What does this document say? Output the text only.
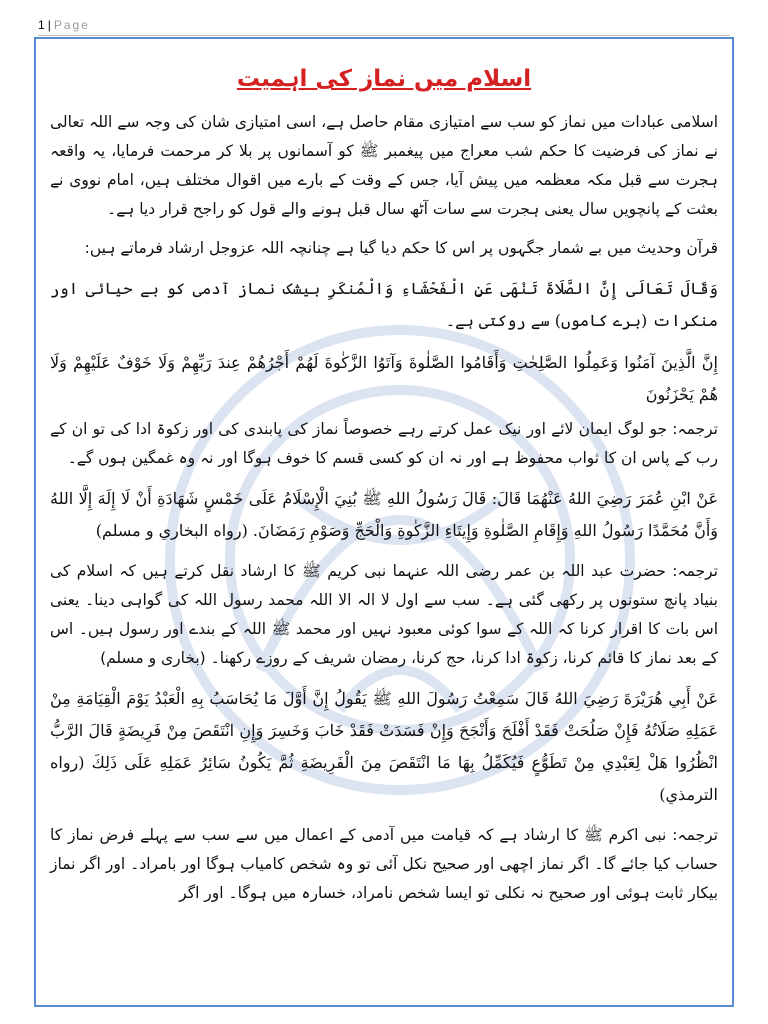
1 | Page
اسلام میں نماز کی اہمیت

اسلامی عبادات میں نماز کو سب سے امتیازی مقام حاصل ہے، اسی امتیازی شان کی وجہ سے اللہ تعالی نے نماز کی فرضیت کا حکم شب معراج میں پیغمبر ﷺ کو آسمانوں پر بلا کر مرحمت فرمایا، یہ واقعہ ہجرت سے قبل مکہ معظمہ میں پیش آیا، جس کے وقت کے بارے میں اقوال مختلف ہیں، امام نووی نے بعثت کے پانچویں سال یعنی ہجرت سے سات آٹھ سال قبل ہونے والے قول کو راجح قرار دیا ہے۔

قرآن وحدیث میں بے شمار جگہوں پر اس کا حکم دیا گیا ہے چنانچہ اللہ عزوجل ارشاد فرماتے ہیں:

وَقَالَ تَعَالَى إِنَّ الصَّلَاةَ تَنْهَى عَنِ الْفَحْشَاءِ وَالْمُنكَرِ بیشک نماز آدمی کو بے حیائی اور منکرات (برے کاموں) سے روکتی ہے۔

إِنَّ الَّذِينَ آمَنُوا وَعَمِلُوا الصَّلِحٰتِ وَأَقَامُوا الصَّلٰوةَ وَآتَوُا الزَّكٰوةَ لَهُمْ أَجْرُهُمْ عِندَ رَبِّهِمْ وَلَا خَوْفٌ عَلَيْهِمْ وَلَا هُمْ يَحْزَنُونَ

ترجمہ: جو لوگ ایمان لائے اور نیک عمل کرتے رہے خصوصاً نماز کی پابندی کی اور زکوۃ ادا کی تو ان کے رب کے پاس ان کا ثواب محفوظ ہے اور نہ ان کو کسی قسم کا خوف ہوگا اور نہ وہ غمگین ہوں گے۔

عَنْ ابْنِ عُمَرَ رَضِيَ اللهُ عَنْهُمَا قَالَ: قَالَ رَسُولُ اللهِ ﷺ بُنِيَ الْإِسْلَامُ عَلَى خَمْسٍ شَهَادَةِ أَنْ لَا إِلَهَ إِلَّا اللهُ وَأَنَّ مُحَمَّدًا رَسُولُ اللهِ وَإِقَامِ الصَّلٰوةِ وَإِيتَاءِ الزَّكٰوةِ وَالْحَجِّ وَصَوْمِ رَمَضَانَ. (رواه البخاري و مسلم)

ترجمہ: حضرت عبد اللہ بن عمر رضی اللہ عنہما نبی کریم ﷺ کا ارشاد نقل کرتے ہیں کہ اسلام کی بنیاد پانچ ستونوں پر رکھی گئی ہے۔ سب سے اول لا الہ الا اللہ محمد رسول اللہ کی گواہی دینا۔ یعنی اس بات کا اقرار کرنا کہ اللہ کے سوا کوئی معبود نہیں اور محمد ﷺ اللہ کے بندے اور رسول ہیں۔ اس کے بعد نماز کا قائم کرنا، زکوۃ ادا کرنا، حج کرنا، رمضان شریف کے روزے رکھنا۔ (بخاری و مسلم)

عَنْ أَبِي هُرَيْرَةَ رَضِيَ اللهُ قَالَ سَمِعْتُ رَسُولَ اللهِ ﷺ يَقُولُ إِنَّ أَوَّلَ مَا يُحَاسَبُ بِهِ الْعَبْدُ يَوْمَ الْقِيَامَةِ مِنْ عَمَلِهِ صَلَاتُهُ فَإِنْ صَلُحَتْ فَقَدْ أَفْلَحَ وَأَنْجَحَ وَإِنْ فَسَدَتْ فَقَدْ خَابَ وَخَسِرَ وَإِنِ انْتَقَصَ مِنْ فَرِيضَةٍ قَالَ الرَّبُّ انْظُرُوا هَلْ لِعَبْدِي مِنْ تَطَوُّعٍ فَيُكَمِّلُ بِهَا مَا انْتَقَصَ مِنَ الْفَرِيضَةِ ثُمَّ يَكُونُ سَائِرُ عَمَلِهِ عَلَى ذَلِكَ (رواه الترمذي)

ترجمہ: نبی اکرم ﷺ کا ارشاد ہے کہ قیامت میں آدمی کے اعمال میں سے سب سے پہلے فرض نماز کا حساب کیا جائے گا۔ اگر نماز اچھی اور صحیح نکل آئی تو وہ شخص کامیاب ہوگا اور بامراد۔ اور اگر نماز بیکار ثابت ہوئی اور صحیح نہ نکلی تو ایسا شخص نامراد، خسارہ میں ہوگا۔ اور اگر
